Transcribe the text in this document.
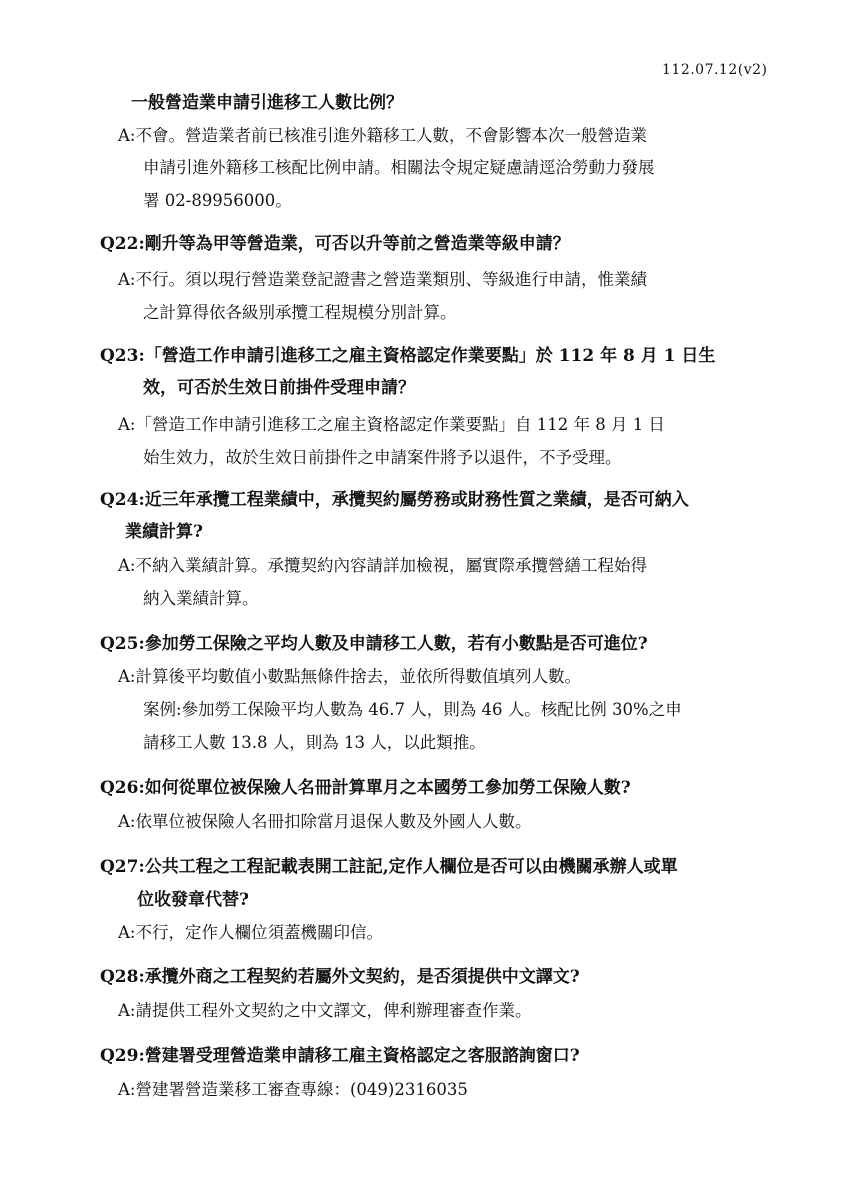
112.07.12(v2)
一般營造業申請引進移工人數比例？
A:不會。營造業者前已核准引進外籍移工人數，不會影響本次一般營造業
申請引進外籍移工核配比例申請。相關法令規定疑慮請逕洽勞動力發展
署 02-89956000。
Q22:剛升等為甲等營造業，可否以升等前之營造業等級申請？
A:不行。須以現行營造業登記證書之營造業類別、等級進行申請，惟業績
之計算得依各級別承攬工程規模分別計算。
Q23:「營造工作申請引進移工之雇主資格認定作業要點」於 112 年 8 月 1 日生
效，可否於生效日前掛件受理申請？
A:「營造工作申請引進移工之雇主資格認定作業要點」自 112 年 8 月 1 日
始生效力，故於生效日前掛件之申請案件將予以退件，不予受理。
Q24:近三年承攬工程業績中，承攬契約屬勞務或財務性質之業績，是否可納入
業績計算?
A:不納入業績計算。承攬契約內容請詳加檢視，屬實際承攬營繕工程始得
納入業績計算。
Q25:參加勞工保險之平均人數及申請移工人數，若有小數點是否可進位?
A:計算後平均數值小數點無條件捨去，並依所得數值填列人數。
案例:參加勞工保險平均人數為 46.7 人，則為 46 人。核配比例 30%之申
請移工人數 13.8 人，則為 13 人，以此類推。
Q26:如何從單位被保險人名冊計算單月之本國勞工參加勞工保險人數?
A:依單位被保險人名冊扣除當月退保人數及外國人人數。
Q27:公共工程之工程記載表開工註記,定作人欄位是否可以由機關承辦人或單
位收發章代替?
A:不行，定作人欄位須蓋機關印信。
Q28:承攬外商之工程契約若屬外文契約，是否須提供中文譯文?
A:請提供工程外文契約之中文譯文，俾利辦理審查作業。
Q29:營建署受理營造業申請移工雇主資格認定之客服諮詢窗口?
A:營建署營造業移工審查專線：(049)2316035
